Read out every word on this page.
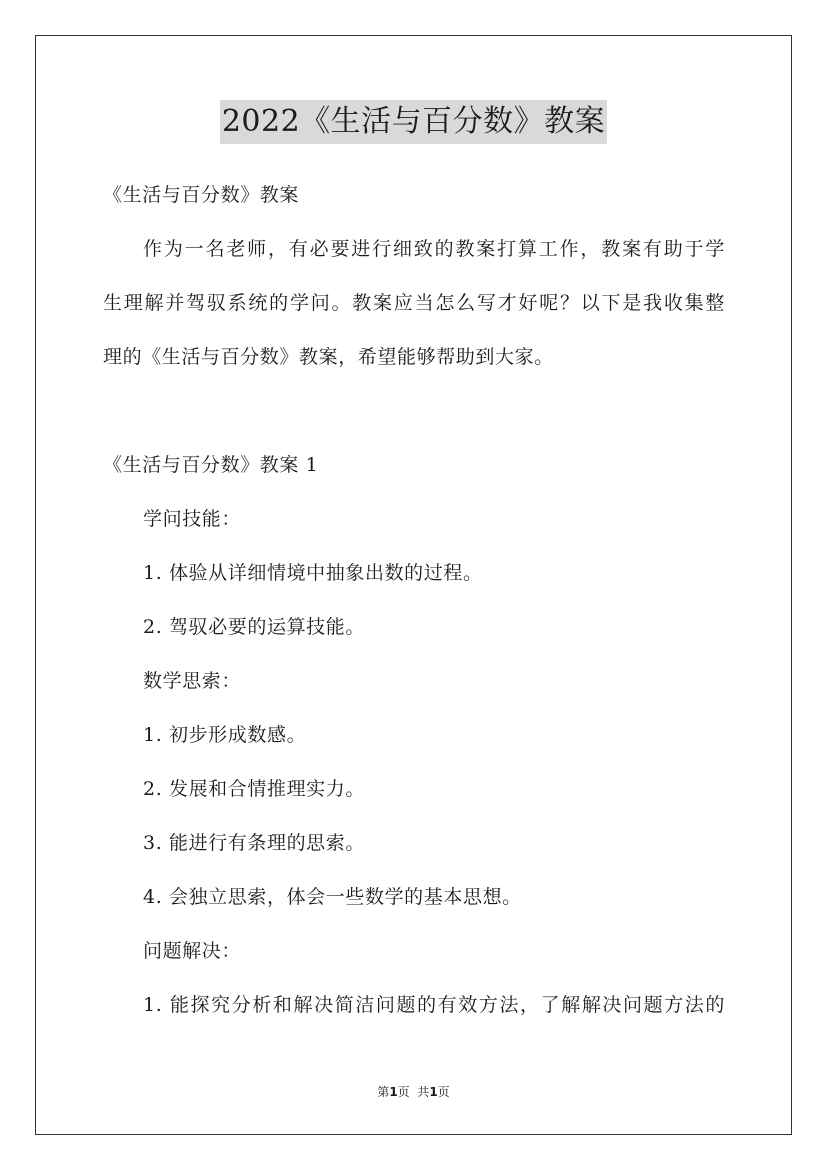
2022《生活与百分数》教案
《生活与百分数》教案
作为一名老师，有必要进行细致的教案打算工作，教案有助于学
生理解并驾驭系统的学问。教案应当怎么写才好呢？以下是我收集整
理的《生活与百分数》教案，希望能够帮助到大家。
《生活与百分数》教案 1
学问技能：
1. 体验从详细情境中抽象出数的过程。
2. 驾驭必要的运算技能。
数学思索：
1. 初步形成数感。
2. 发展和合情推理实力。
3. 能进行有条理的思索。
4. 会独立思索，体会一些数学的基本思想。
问题解决：
1. 能探究分析和解决简洁问题的有效方法，了解解决问题方法的
第1页  共1页
